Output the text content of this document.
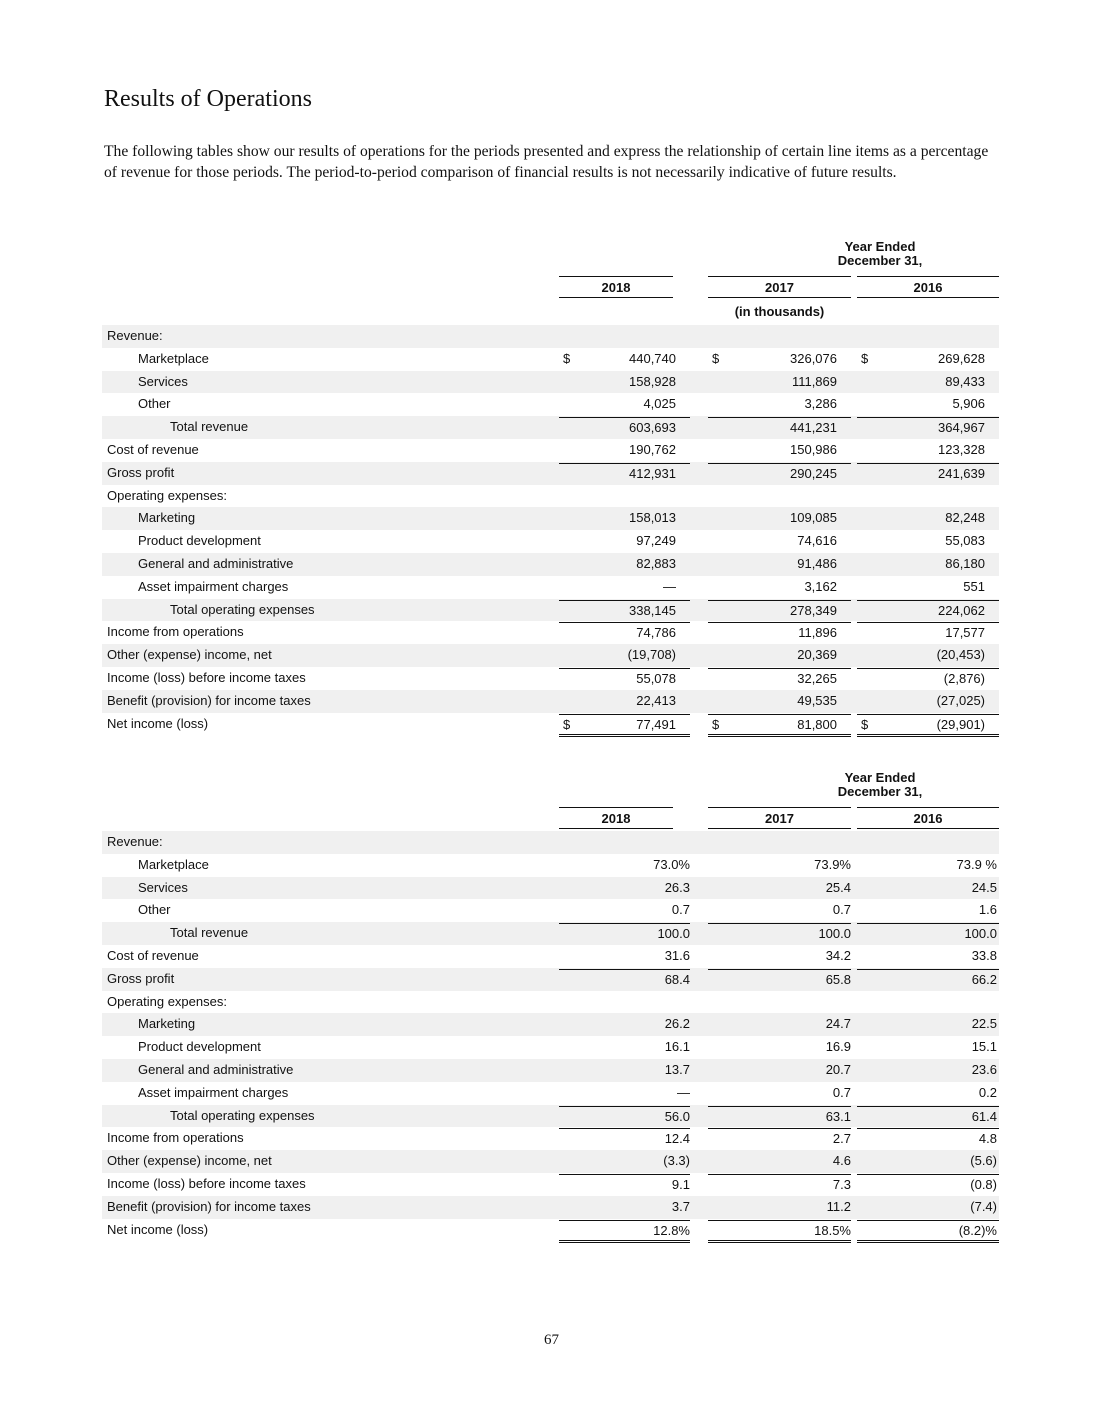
Results of Operations

The following tables show our results of operations for the periods presented and express the relationship of certain line items as a percentage of revenue for those periods. The period-to-period comparison of financial results is not necessarily indicative of future results.

Year Ended
December 31,
2018	2017	2016
(in thousands)
Revenue:
Marketplace	$	440,740	$	326,076 $	269,628
Services	158,928	111,869	89,433
Other	4,025	3,286	5,906
Total revenue	603,693	441,231	364,967
Cost of revenue	190,762	150,986	123,328
Gross profit	412,931	290,245	241,639
Operating expenses:
Marketing	158,013	109,085	82,248
Product development	97,249	74,616	55,083
General and administrative	82,883	91,486	86,180
Asset impairment charges	—	3,162	551
Total operating expenses	338,145	278,349	224,062
Income from operations	74,786	11,896	17,577
Other (expense) income, net	(19,708)	20,369	(20,453)
Income (loss) before income taxes	55,078	32,265	(2,876)
Benefit (provision) for income taxes	22,413	49,535	(27,025)
Net income (loss)	$	77,491	$	81,800 $	(29,901)
Year Ended
December 31,
2018	2017	2016
Revenue:
Marketplace	73.0%	73.9%	73.9 %
Services	26.3	25.4	24.5
Other	0.7	0.7	1.6
Total revenue	100.0	100.0	100.0
Cost of revenue	31.6	34.2	33.8
Gross profit	68.4	65.8	66.2
Operating expenses:
Marketing	26.2	24.7	22.5
Product development	16.1	16.9	15.1
General and administrative	13.7	20.7	23.6
Asset impairment charges	—	0.7	0.2
Total operating expenses	56.0	63.1	61.4
Income from operations	12.4	2.7	4.8
Other (expense) income, net	(3.3)	4.6	(5.6)
Income (loss) before income taxes	9.1	7.3	(0.8)
Benefit (provision) for income taxes	3.7	11.2	(7.4)
Net income (loss)	12.8%	18.5%	(8.2)%
67
